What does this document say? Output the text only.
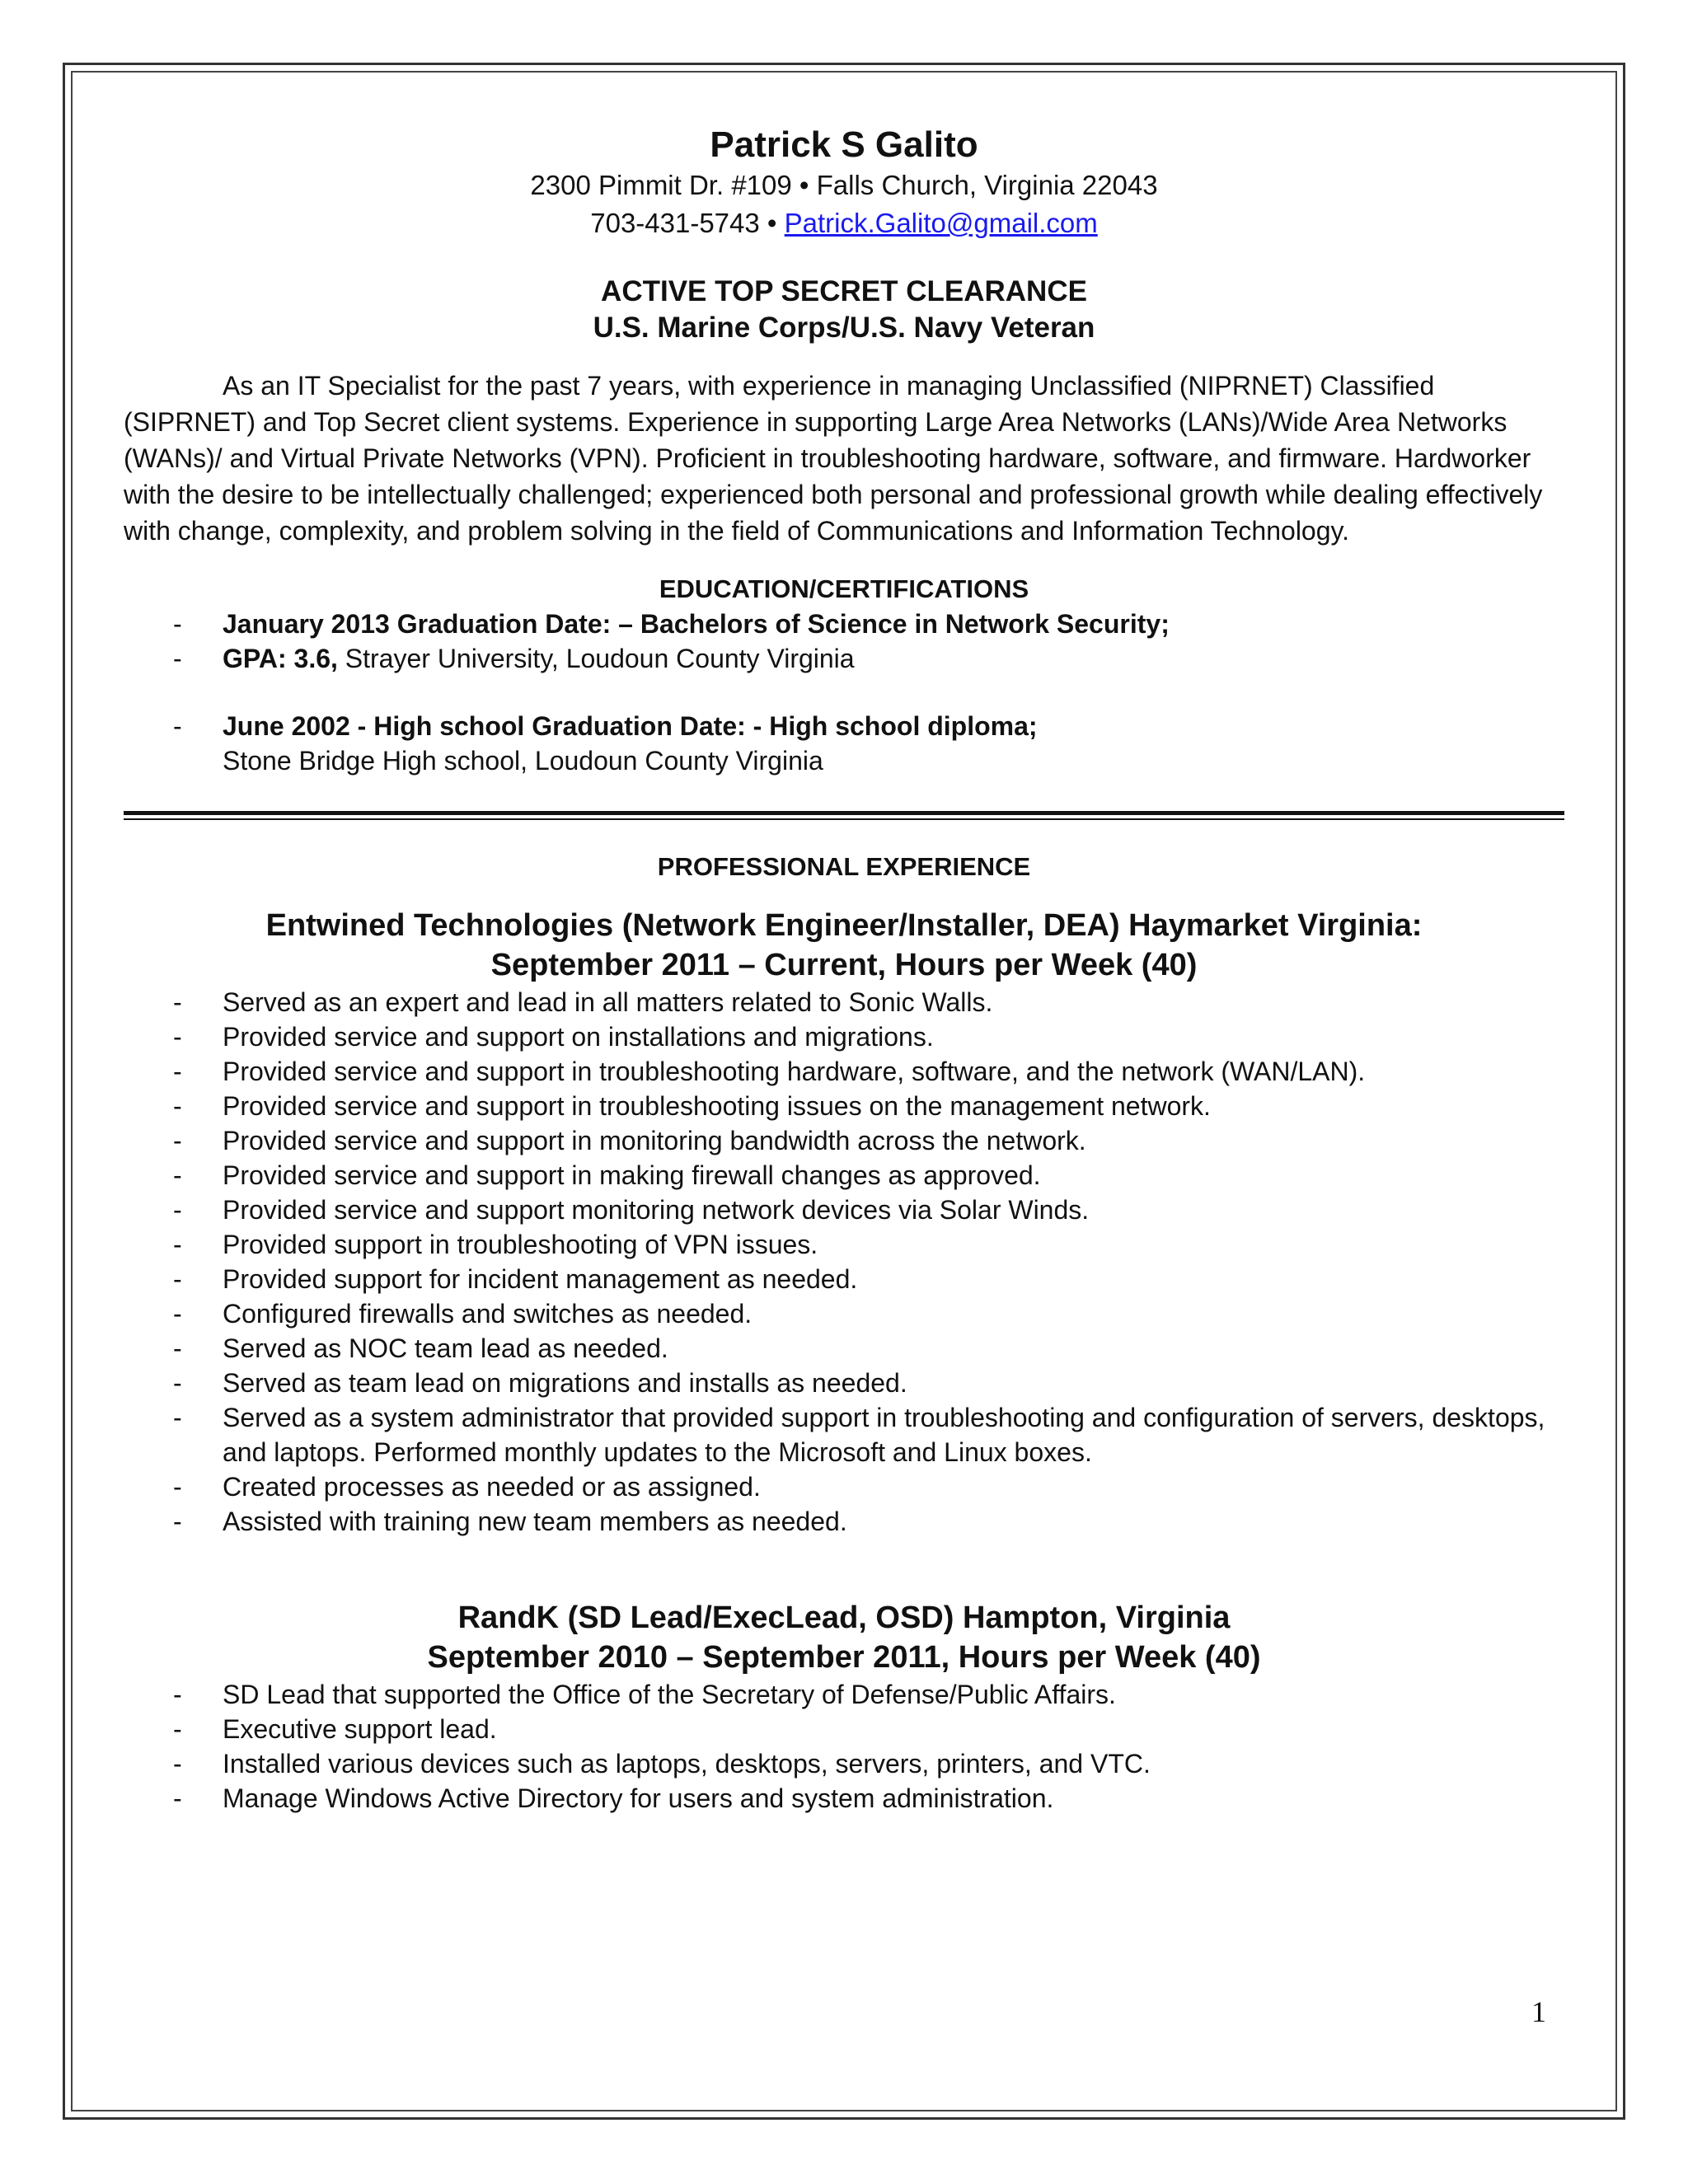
Patrick S Galito
2300 Pimmit Dr. #109 • Falls Church, Virginia 22043
703-431-5743 • Patrick.Galito@gmail.com
ACTIVE TOP SECRET CLEARANCE
U.S. Marine Corps/U.S. Navy Veteran
As an IT Specialist for the past 7 years, with experience in managing Unclassified (NIPRNET) Classified (SIPRNET) and Top Secret client systems. Experience in supporting Large Area Networks (LANs)/Wide Area Networks (WANs)/ and Virtual Private Networks (VPN). Proficient in troubleshooting hardware, software, and firmware. Hardworker with the desire to be intellectually challenged; experienced both personal and professional growth while dealing effectively with change, complexity, and problem solving in the field of Communications and Information Technology.
EDUCATION/CERTIFICATIONS
- January 2013 Graduation Date: – Bachelors of Science in Network Security;
- GPA: 3.6, Strayer University, Loudoun County Virginia
- June 2002 - High school Graduation Date: - High school diploma;
Stone Bridge High school, Loudoun County Virginia
PROFESSIONAL EXPERIENCE
Entwined Technologies (Network Engineer/Installer, DEA) Haymarket Virginia:
September 2011 – Current, Hours per Week (40)
- Served as an expert and lead in all matters related to Sonic Walls.
- Provided service and support on installations and migrations.
- Provided service and support in troubleshooting hardware, software, and the network (WAN/LAN).
- Provided service and support in troubleshooting issues on the management network.
- Provided service and support in monitoring bandwidth across the network.
- Provided service and support in making firewall changes as approved.
- Provided service and support monitoring network devices via Solar Winds.
- Provided support in troubleshooting of VPN issues.
- Provided support for incident management as needed.
- Configured firewalls and switches as needed.
- Served as NOC team lead as needed.
- Served as team lead on migrations and installs as needed.
- Served as a system administrator that provided support in troubleshooting and configuration of servers, desktops, and laptops. Performed monthly updates to the Microsoft and Linux boxes.
- Created processes as needed or as assigned.
- Assisted with training new team members as needed.
RandK (SD Lead/ExecLead, OSD) Hampton, Virginia
September 2010 – September 2011, Hours per Week (40)
- SD Lead that supported the Office of the Secretary of Defense/Public Affairs.
- Executive support lead.
- Installed various devices such as laptops, desktops, servers, printers, and VTC.
- Manage Windows Active Directory for users and system administration.
1
